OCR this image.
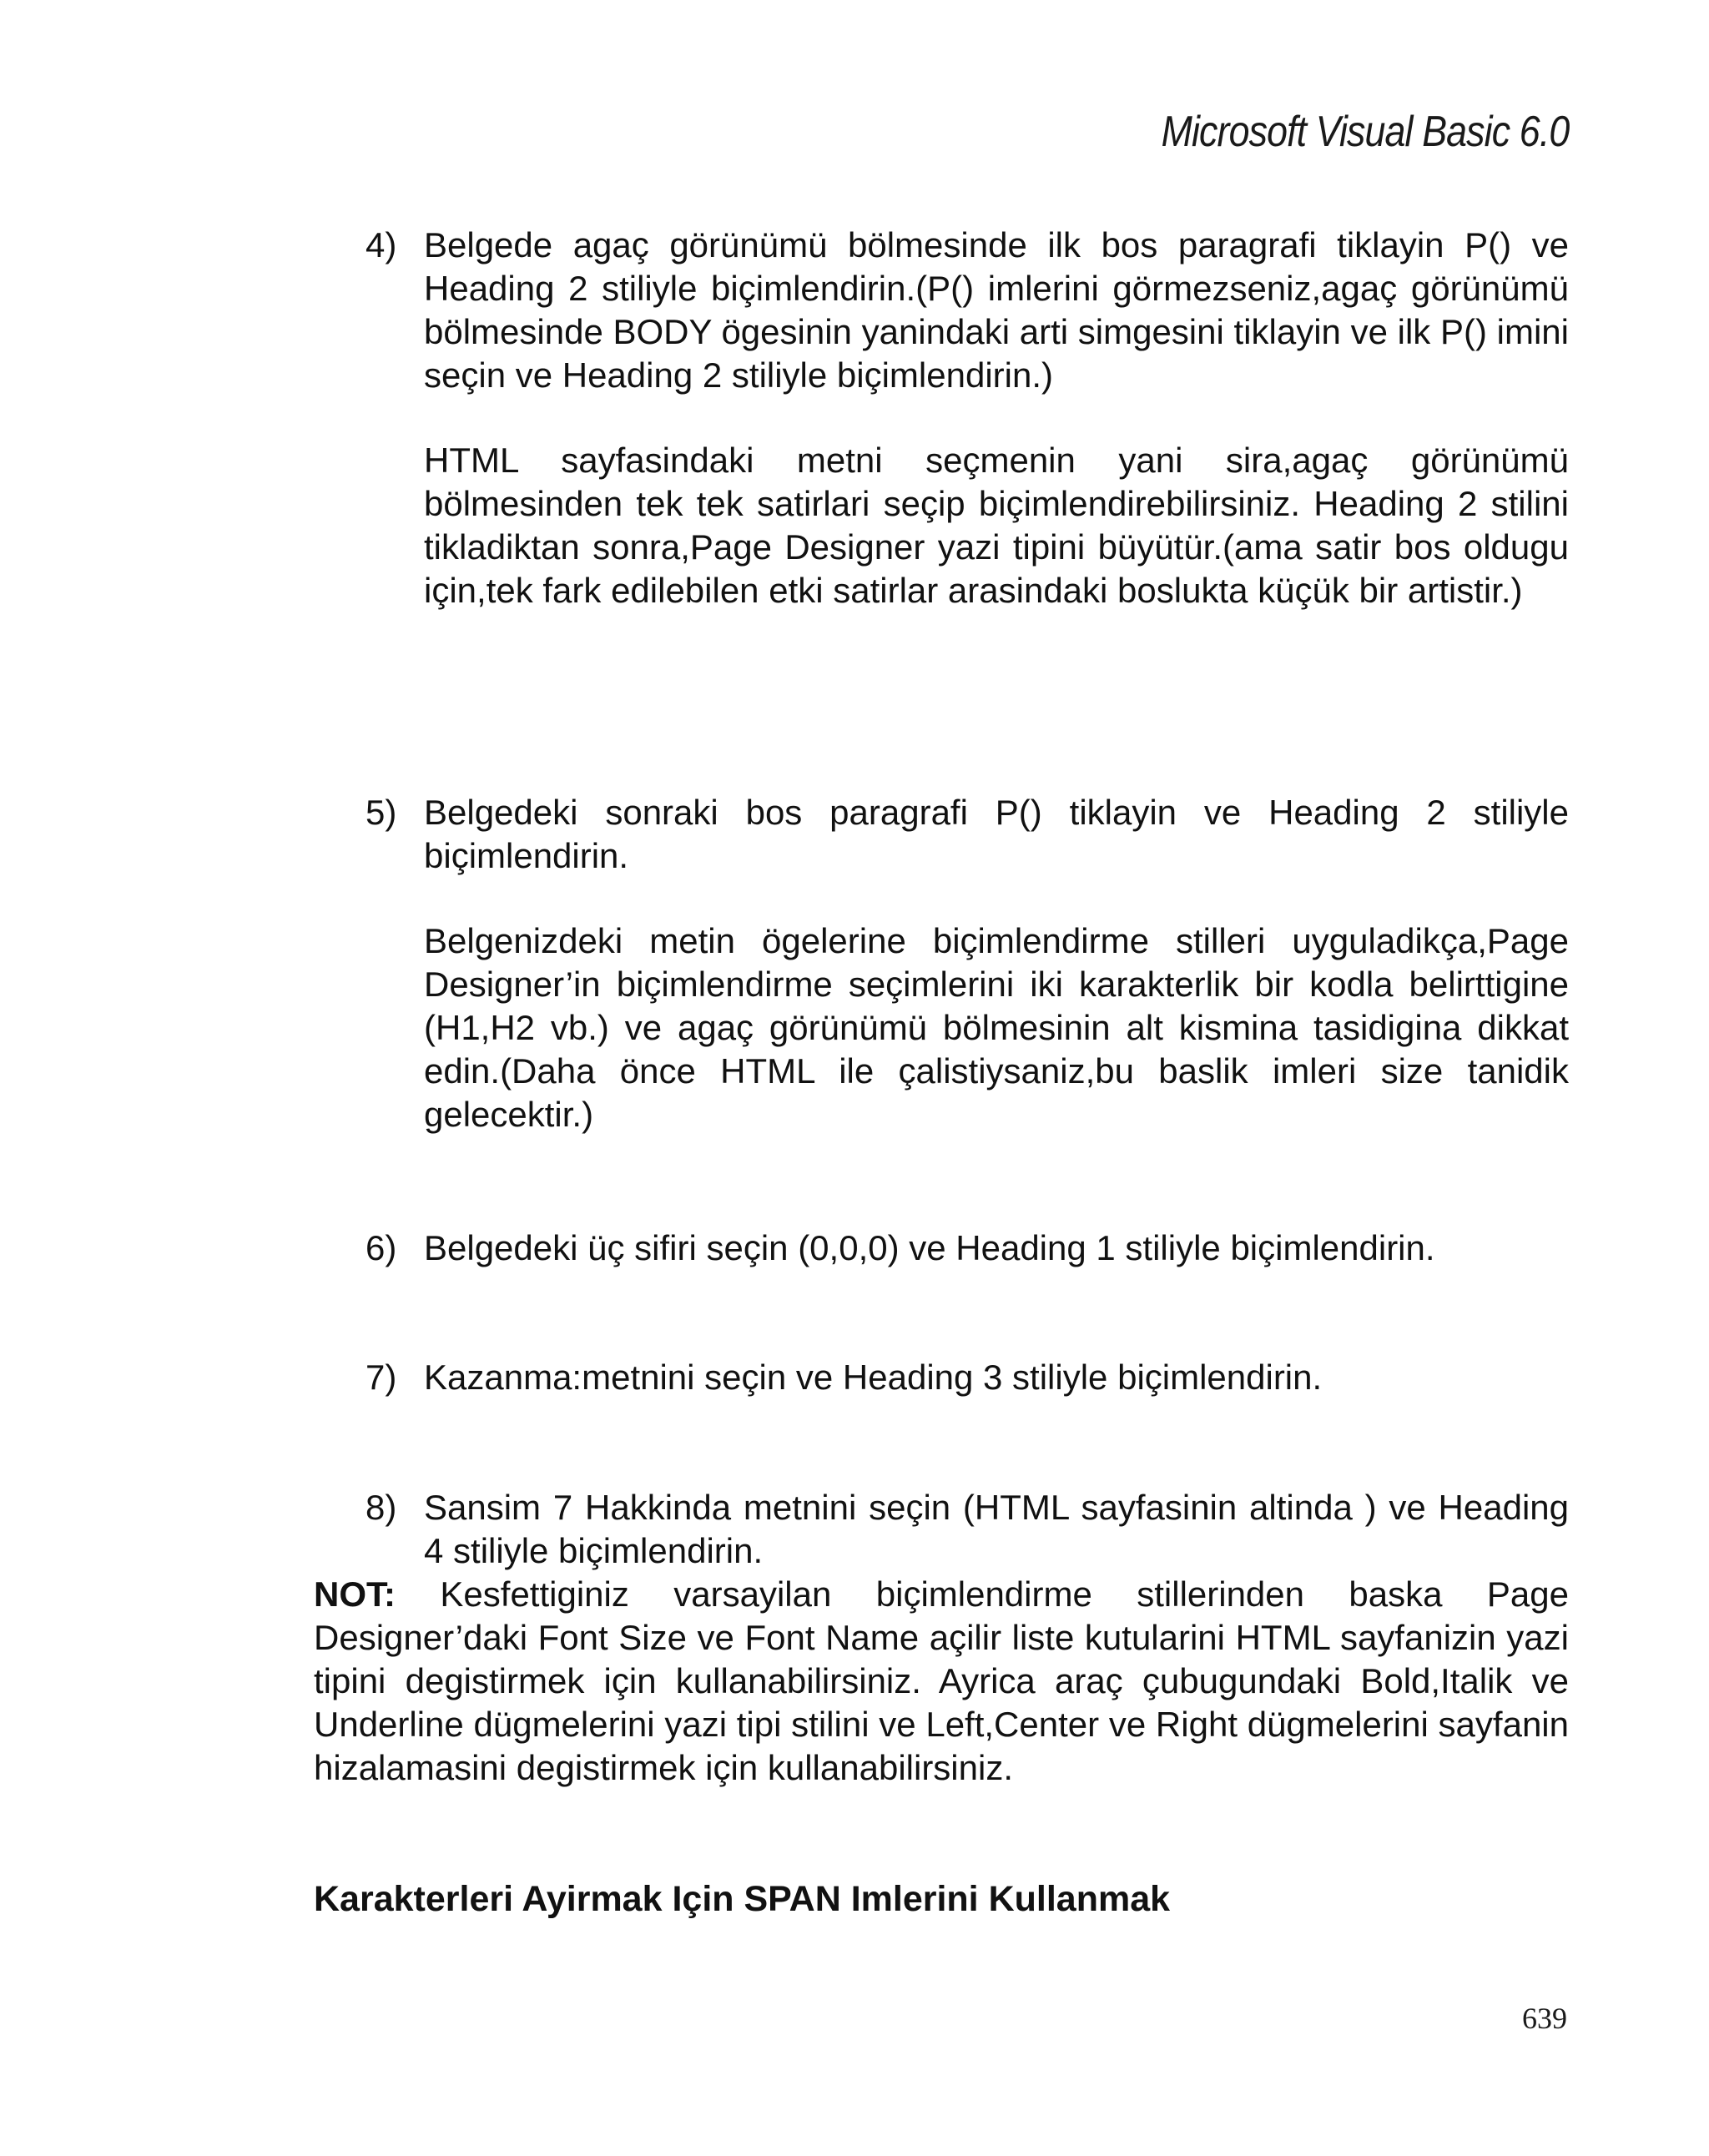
Microsoft Visual Basic 6.0
4) Belgede agaç görünümü bölmesinde ilk bos paragrafi tiklayin P() ve Heading 2 stiliyle biçimlendirin.(P() imlerini görmezseniz,agaç görünümü bölmesinde BODY ögesinin yanindaki arti simgesini tiklayin ve ilk P() imini seçin ve Heading 2 stiliyle biçimlendirin.)

HTML sayfasindaki metni seçmenin yani sira,agaç görünümü bölmesinden tek tek satirlari seçip biçimlendirebilirsiniz. Heading 2 stilini tikladiktan sonra,Page Designer yazi tipini büyütür.(ama satir bos oldugu için,tek fark edilebilen etki satirlar arasindaki boslukta küçük bir artistir.)

5) Belgedeki sonraki bos paragrafi P() tiklayin ve Heading 2 stiliyle biçimlendirin.

Belgenizdeki metin ögelerine biçimlendirme stilleri uyguladikça,Page Designer’in biçimlendirme seçimlerini iki karakterlik bir kodla belirttigine (H1,H2 vb.) ve agaç görünümü bölmesinin alt kismina tasidigina dikkat edin.(Daha önce HTML ile çalistiysaniz,bu baslik imleri size tanidik gelecektir.)

6) Belgedeki üç sifiri seçin (0,0,0) ve Heading 1 stiliyle biçimlendirin.

7) Kazanma:metnini seçin ve Heading 3 stiliyle biçimlendirin.

8) Sansim 7 Hakkinda metnini seçin (HTML sayfasinin altinda ) ve Heading 4 stiliyle biçimlendirin.

NOT: Kesfettiginiz varsayilan biçimlendirme stillerinden baska Page Designer’daki Font Size ve Font Name açilir liste kutularini HTML sayfanizin yazi tipini degistirmek için kullanabilirsiniz. Ayrica araç çubugundaki Bold,Italik ve Underline dügmelerini yazi tipi stilini ve Left,Center ve Right dügmelerini sayfanin hizalamasini degistirmek için kullanabilirsiniz.

Karakterleri Ayirmak Için SPAN Imlerini Kullanmak
639
